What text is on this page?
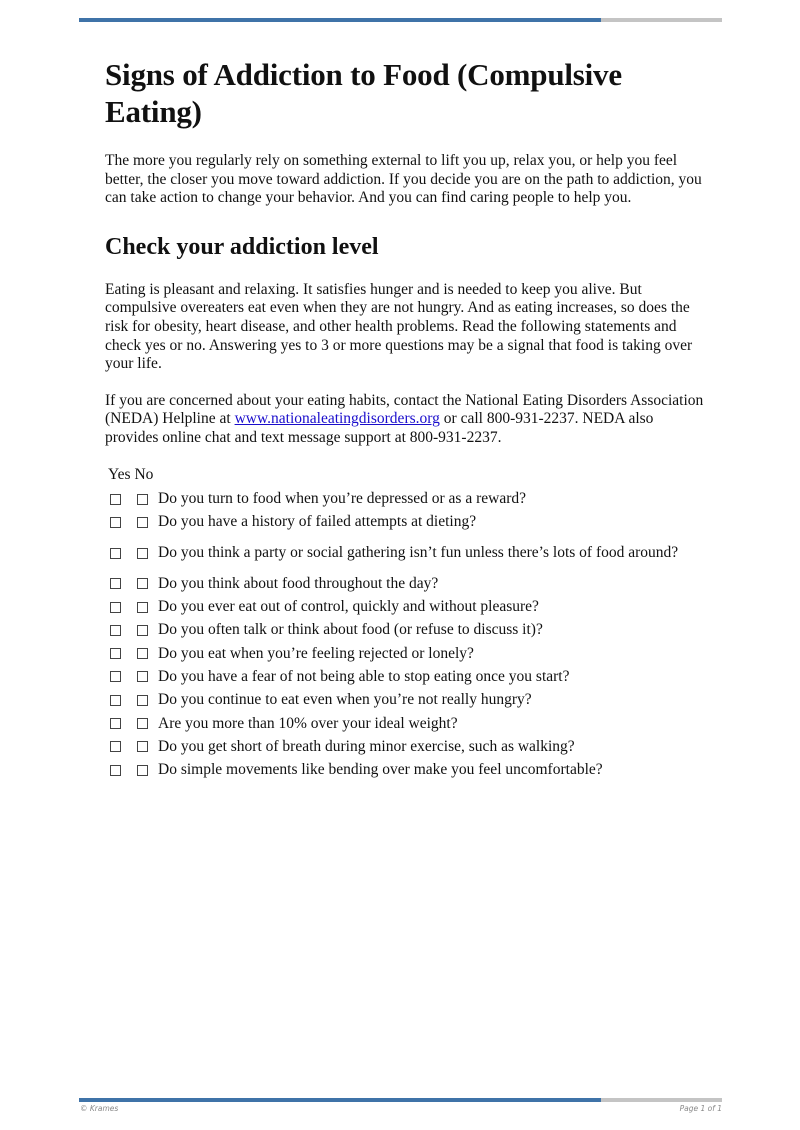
Signs of Addiction to Food (Compulsive Eating)

The more you regularly rely on something external to lift you up, relax you, or help you feel better, the closer you move toward addiction. If you decide you are on the path to addiction, you can take action to change your behavior. And you can find caring people to help you.

Check your addiction level

Eating is pleasant and relaxing. It satisfies hunger and is needed to keep you alive. But compulsive overeaters eat even when they are not hungry. And as eating increases, so does the risk for obesity, heart disease, and other health problems. Read the following statements and check yes or no. Answering yes to 3 or more questions may be a signal that food is taking over your life.

If you are concerned about your eating habits, contact the National Eating Disorders Association (NEDA) Helpline at www.nationaleatingdisorders.org or call 800-931-2237. NEDA also provides online chat and text message support at 800-931-2237.

Yes No
Do you turn to food when you’re depressed or as a reward?
Do you have a history of failed attempts at dieting?
Do you think a party or social gathering isn’t fun unless there’s lots of food around?
Do you think about food throughout the day?
Do you ever eat out of control, quickly and without pleasure?
Do you often talk or think about food (or refuse to discuss it)?
Do you eat when you’re feeling rejected or lonely?
Do you have a fear of not being able to stop eating once you start?
Do you continue to eat even when you’re not really hungry?
Are you more than 10% over your ideal weight?
Do you get short of breath during minor exercise, such as walking?
Do simple movements like bending over make you feel uncomfortable?
© Krames	Page 1 of 1
